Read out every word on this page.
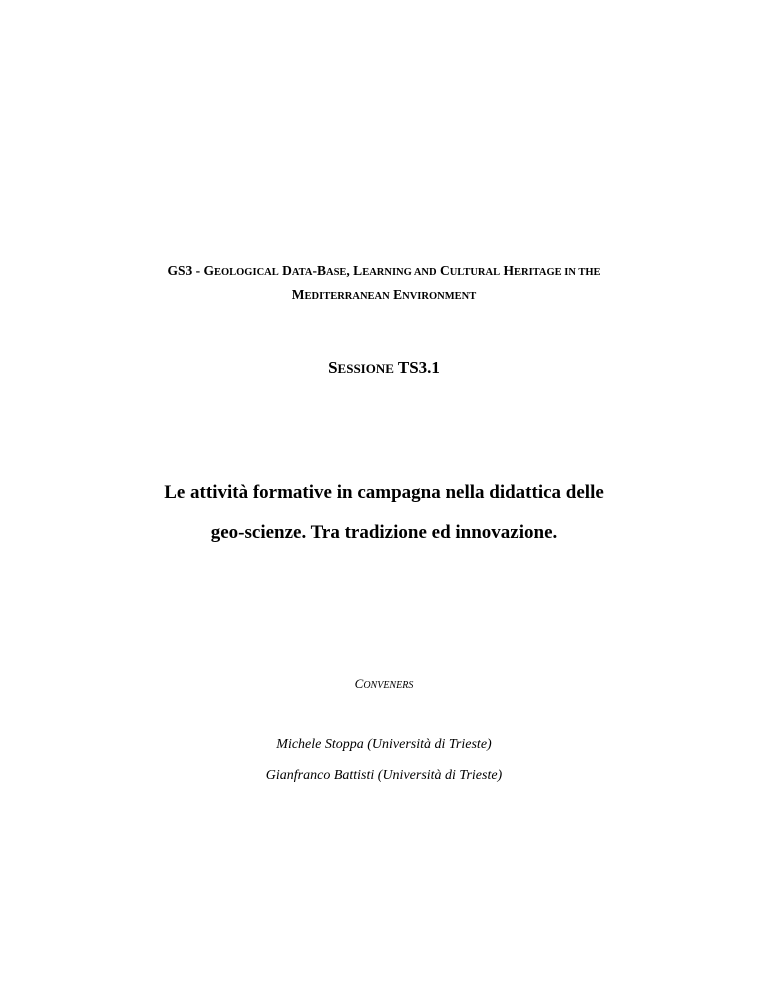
GS3 - GEOLOGICAL DATA-BASE, LEARNING AND CULTURAL HERITAGE IN THE
MEDITERRANEAN ENVIRONMENT
SESSIONE TS3.1
Le attività formative in campagna nella didattica delle
geo-scienze. Tra tradizione ed innovazione.
CONVENERS
Michele Stoppa (Università di Trieste)
Gianfranco Battisti (Università di Trieste)
